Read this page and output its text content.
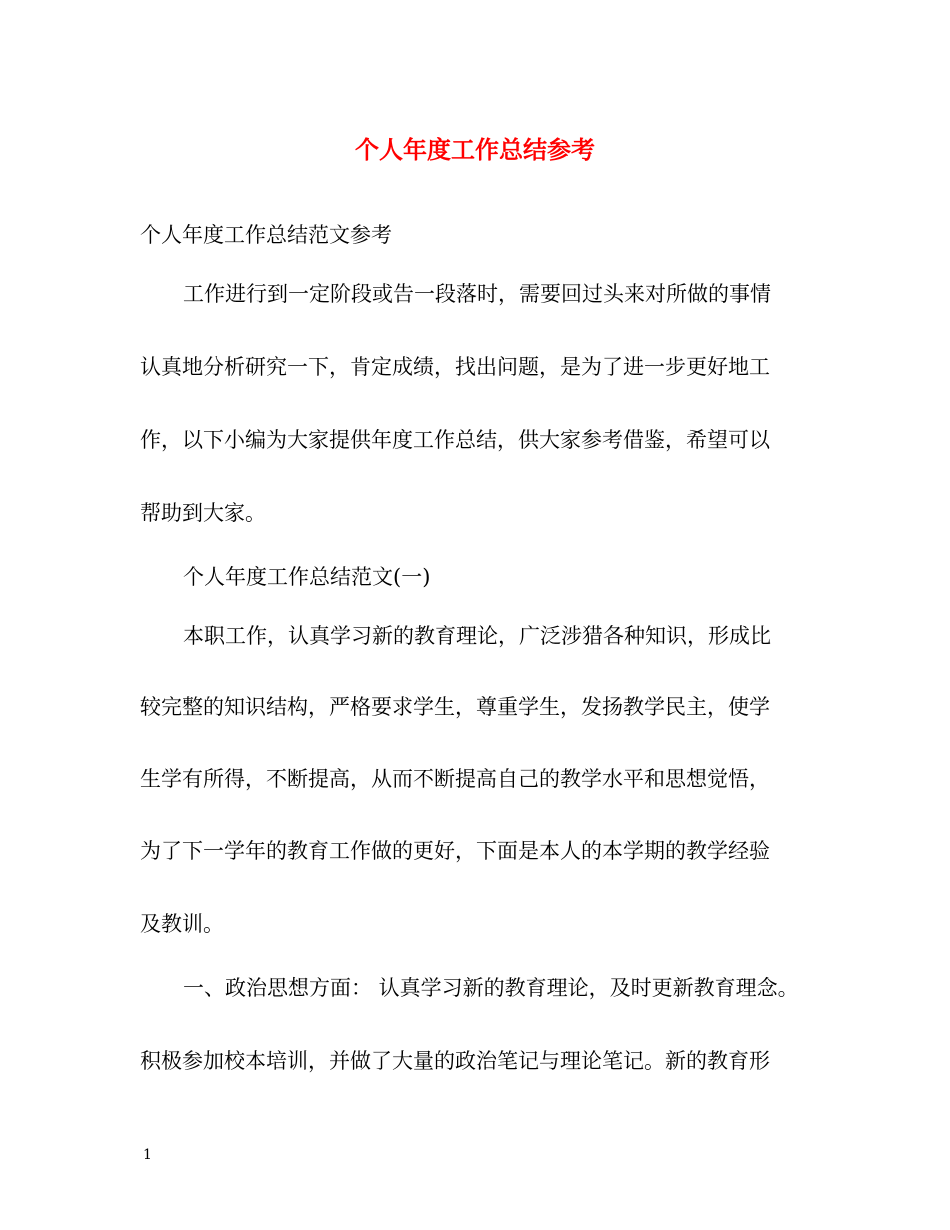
个人年度工作总结参考
个人年度工作总结范文参考
工作进行到一定阶段或告一段落时，需要回过头来对所做的事情
认真地分析研究一下，肯定成绩，找出问题，是为了进一步更好地工
作，以下小编为大家提供年度工作总结，供大家参考借鉴，希望可以
帮助到大家。
个人年度工作总结范文(一)
本职工作，认真学习新的教育理论，广泛涉猎各种知识，形成比
较完整的知识结构，严格要求学生，尊重学生，发扬教学民主，使学
生学有所得，不断提高，从而不断提高自己的教学水平和思想觉悟，
为了下一学年的教育工作做的更好，下面是本人的本学期的教学经验
及教训。
一、政治思想方面： 认真学习新的教育理论，及时更新教育理念。
积极参加校本培训，并做了大量的政治笔记与理论笔记。新的教育形
1
